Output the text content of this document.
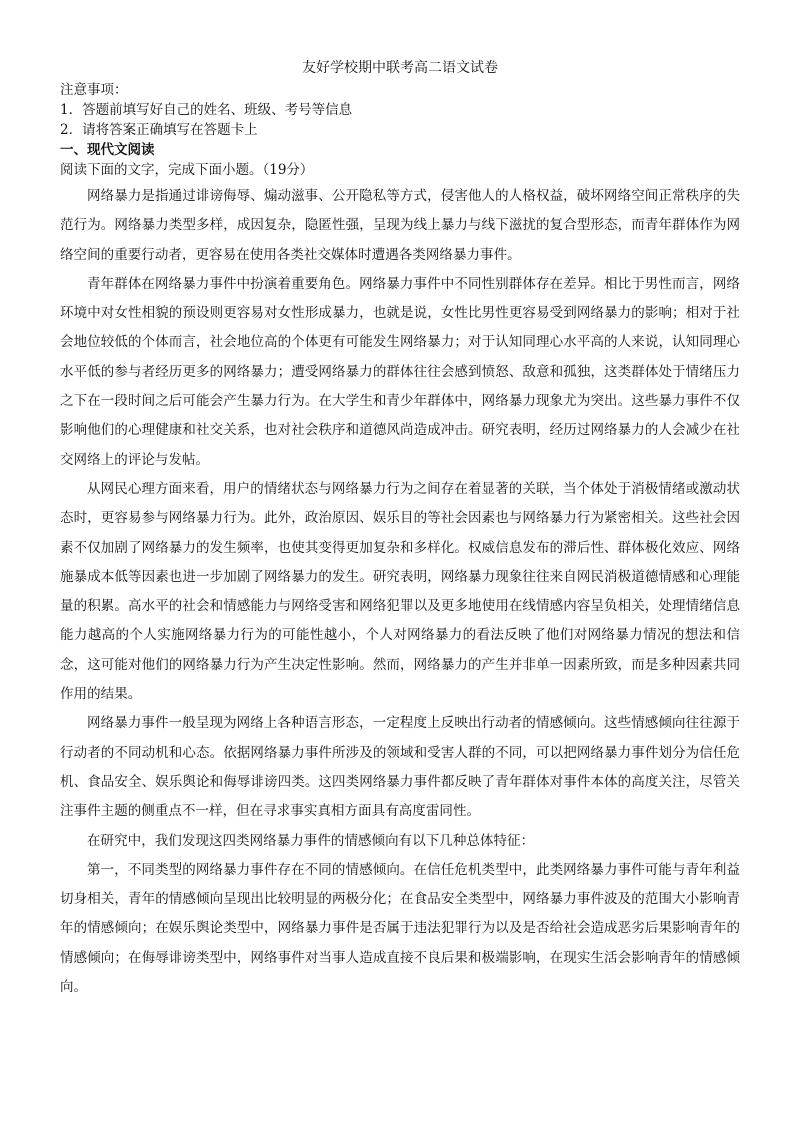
友好学校期中联考高二语文试卷
注意事项：
1．答题前填写好自己的姓名、班级、考号等信息
2．请将答案正确填写在答题卡上
一、现代文阅读
阅读下面的文字，完成下面小题。（19分）

网络暴力是指通过诽谤侮辱、煽动滋事、公开隐私等方式，侵害他人的人格权益，破坏网络空间正常秩序的失范行为。网络暴力类型多样，成因复杂，隐匿性强，呈现为线上暴力与线下滋扰的复合型形态，而青年群体作为网络空间的重要行动者，更容易在使用各类社交媒体时遭遇各类网络暴力事件。

青年群体在网络暴力事件中扮演着重要角色。网络暴力事件中不同性别群体存在差异。相比于男性而言，网络环境中对女性相貌的预设则更容易对女性形成暴力，也就是说，女性比男性更容易受到网络暴力的影响；相对于社会地位较低的个体而言，社会地位高的个体更有可能发生网络暴力；对于认知同理心水平高的人来说，认知同理心水平低的参与者经历更多的网络暴力；遭受网络暴力的群体往往会感到愤怒、敌意和孤独，这类群体处于情绪压力之下在一段时间之后可能会产生暴力行为。在大学生和青少年群体中，网络暴力现象尤为突出。这些暴力事件不仅影响他们的心理健康和社交关系，也对社会秩序和道德风尚造成冲击。研究表明，经历过网络暴力的人会减少在社交网络上的评论与发帖。

从网民心理方面来看，用户的情绪状态与网络暴力行为之间存在着显著的关联，当个体处于消极情绪或激动状态时，更容易参与网络暴力行为。此外，政治原因、娱乐目的等社会因素也与网络暴力行为紧密相关。这些社会因素不仅加剧了网络暴力的发生频率，也使其变得更加复杂和多样化。权威信息发布的滞后性、群体极化效应、网络施暴成本低等因素也进一步加剧了网络暴力的发生。研究表明，网络暴力现象往往来自网民消极道德情感和心理能量的积累。高水平的社会和情感能力与网络受害和网络犯罪以及更多地使用在线情感内容呈负相关，处理情绪信息能力越高的个人实施网络暴力行为的可能性越小，个人对网络暴力的看法反映了他们对网络暴力情况的想法和信念，这可能对他们的网络暴力行为产生决定性影响。然而，网络暴力的产生并非单一因素所致，而是多种因素共同作用的结果。

网络暴力事件一般呈现为网络上各种语言形态，一定程度上反映出行动者的情感倾向。这些情感倾向往往源于行动者的不同动机和心态。依据网络暴力事件所涉及的领域和受害人群的不同，可以把网络暴力事件划分为信任危机、食品安全、娱乐舆论和侮辱诽谤四类。这四类网络暴力事件都反映了青年群体对事件本体的高度关注，尽管关注事件主题的侧重点不一样，但在寻求事实真相方面具有高度雷同性。

在研究中，我们发现这四类网络暴力事件的情感倾向有以下几种总体特征：

第一，不同类型的网络暴力事件存在不同的情感倾向。在信任危机类型中，此类网络暴力事件可能与青年利益切身相关，青年的情感倾向呈现出比较明显的两极分化；在食品安全类型中，网络暴力事件波及的范围大小影响青年的情感倾向；在娱乐舆论类型中，网络暴力事件是否属于违法犯罪行为以及是否给社会造成恶劣后果影响青年的情感倾向；在侮辱诽谤类型中，网络事件对当事人造成直接不良后果和极端影响，在现实生活会影响青年的情感倾向。
